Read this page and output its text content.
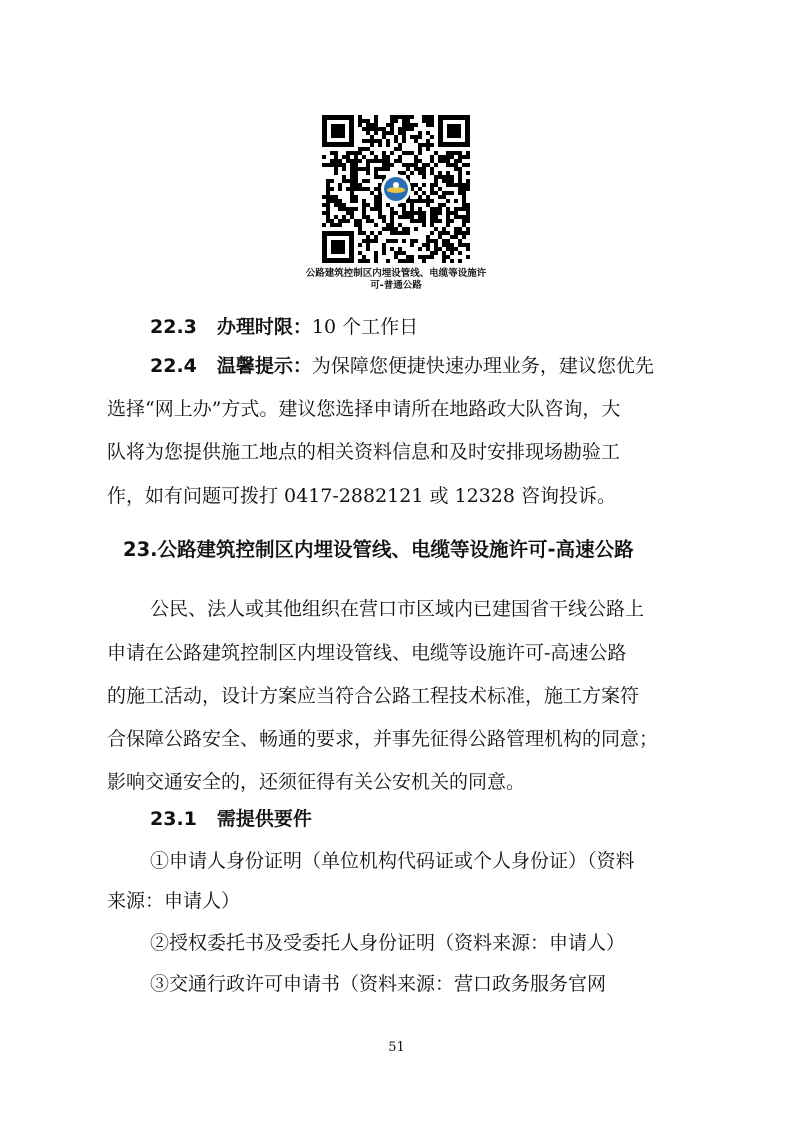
公路建筑控制区内埋设管线、电缆等设施许
可-普通公路
22.3 办理时限：10 个工作日
22.4 温馨提示：为保障您便捷快速办理业务，建议您优先
选择“网上办”方式。建议您选择申请所在地路政大队咨询，大
队将为您提供施工地点的相关资料信息和及时安排现场勘验工
作，如有问题可拨打 0417-2882121 或 12328 咨询投诉。
23.公路建筑控制区内埋设管线、电缆等设施许可-高速公路
公民、法人或其他组织在营口市区域内已建国省干线公路上
申请在公路建筑控制区内埋设管线、电缆等设施许可-高速公路
的施工活动，设计方案应当符合公路工程技术标准，施工方案符
合保障公路安全、畅通的要求，并事先征得公路管理机构的同意；
影响交通安全的，还须征得有关公安机关的同意。
23.1 需提供要件
①申请人身份证明（单位机构代码证或个人身份证）（资料
来源：申请人）
②授权委托书及受委托人身份证明（资料来源：申请人）
③交通行政许可申请书（资料来源：营口政务服务官网
51
